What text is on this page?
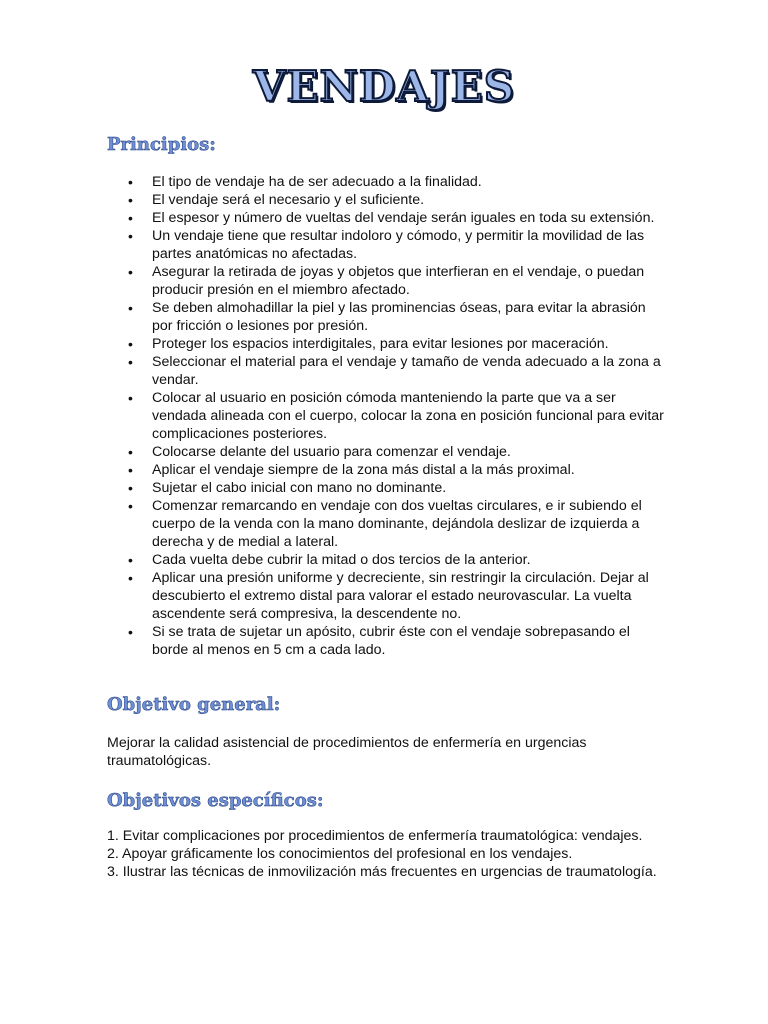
VENDAJES
Principios:
• El tipo de vendaje ha de ser adecuado a la finalidad.
• El vendaje será el necesario y el suficiente.
• El espesor y número de vueltas del vendaje serán iguales en toda su extensión.
• Un vendaje tiene que resultar indoloro y cómodo, y permitir la movilidad de las partes anatómicas no afectadas.
• Asegurar la retirada de joyas y objetos que interfieran en el vendaje, o puedan producir presión en el miembro afectado.
• Se deben almohadillar la piel y las prominencias óseas, para evitar la abrasión por fricción o lesiones por presión.
• Proteger los espacios interdigitales, para evitar lesiones por maceración.
• Seleccionar el material para el vendaje y tamaño de venda adecuado a la zona a vendar.
• Colocar al usuario en posición cómoda manteniendo la parte que va a ser vendada alineada con el cuerpo, colocar la zona en posición funcional para evitar complicaciones posteriores.
• Colocarse delante del usuario para comenzar el vendaje.
• Aplicar el vendaje siempre de la zona más distal a la más proximal.
• Sujetar el cabo inicial con mano no dominante.
• Comenzar remarcando en vendaje con dos vueltas circulares, e ir subiendo el cuerpo de la venda con la mano dominante, dejándola deslizar de izquierda a derecha y de medial a lateral.
• Cada vuelta debe cubrir la mitad o dos tercios de la anterior.
• Aplicar una presión uniforme y decreciente, sin restringir la circulación. Dejar al descubierto el extremo distal para valorar el estado neurovascular. La vuelta ascendente será compresiva, la descendente no.
• Si se trata de sujetar un apósito, cubrir éste con el vendaje sobrepasando el borde al menos en 5 cm a cada lado.
Objetivo general:

Mejorar la calidad asistencial de procedimientos de enfermería en urgencias traumatológicas.

Objetivos específicos:
1. Evitar complicaciones por procedimientos de enfermería traumatológica: vendajes.
2. Apoyar gráficamente los conocimientos del profesional en los vendajes.
3. Ilustrar las técnicas de inmovilización más frecuentes en urgencias de traumatología.
